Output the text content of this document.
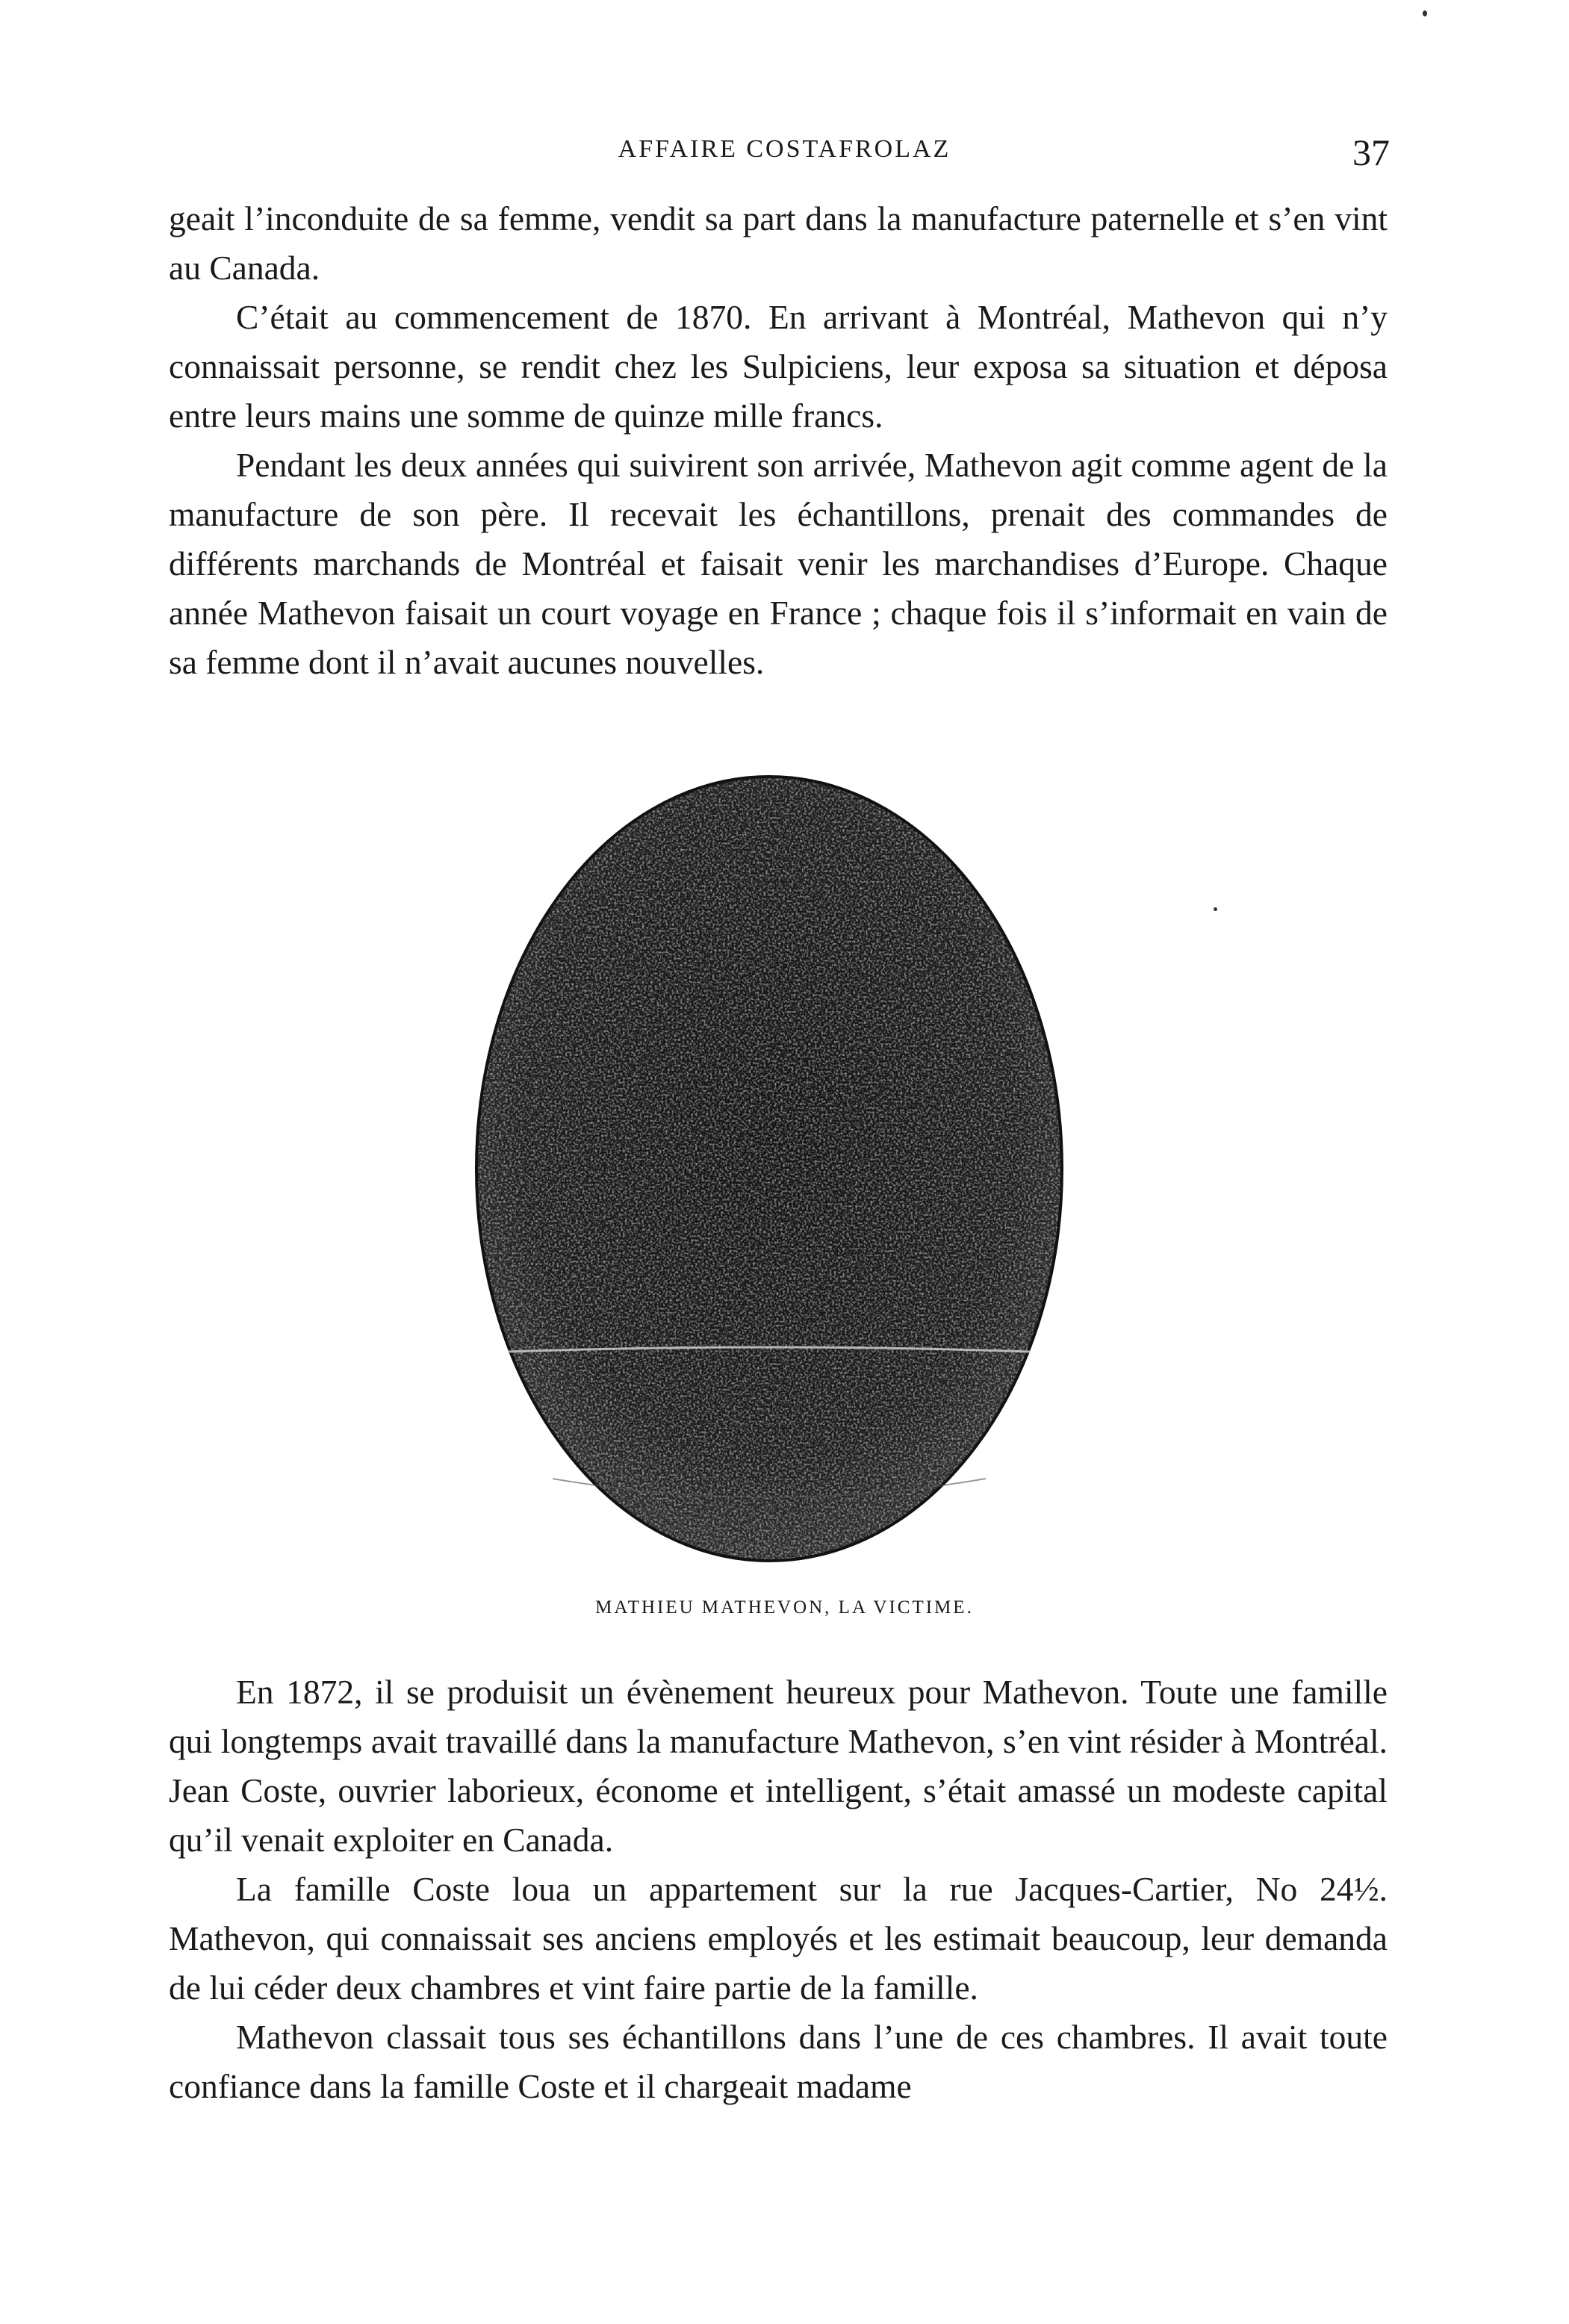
AFFAIRE COSTAFROLAZ	37

geait l’inconduite de sa femme, vendit sa part dans la manufacture paternelle et s’en vint au Canada.

C’était au commencement de 1870. En arrivant à Montréal, Mathevon qui n’y connaissait personne, se rendit chez les Sulpiciens, leur exposa sa situation et déposa entre leurs mains une somme de quinze mille francs.

Pendant les deux années qui suivirent son arrivée, Mathevon agit comme agent de la manufacture de son père. Il recevait les échantillons, prenait des commandes de différents marchands de Montréal et faisait venir les marchandises d’Europe. Chaque année Mathevon faisait un court voyage en France ; chaque fois il s’informait en vain de sa femme dont il n’avait aucunes nouvelles.

MATHIEU MATHEVON, LA VICTIME.

En 1872, il se produisit un évènement heureux pour Mathevon. Toute une famille qui longtemps avait travaillé dans la manufacture Mathevon, s’en vint résider à Montréal. Jean Coste, ouvrier laborieux, économe et intelligent, s’était amassé un modeste capital qu’il venait exploiter en Canada.

La famille Coste loua un appartement sur la rue Jacques-Cartier, No 24½. Mathevon, qui connaissait ses anciens employés et les estimait beaucoup, leur demanda de lui céder deux chambres et vint faire partie de la famille.

Mathevon classait tous ses échantillons dans l’une de ces chambres. Il avait toute confiance dans la famille Coste et il chargeait madame
